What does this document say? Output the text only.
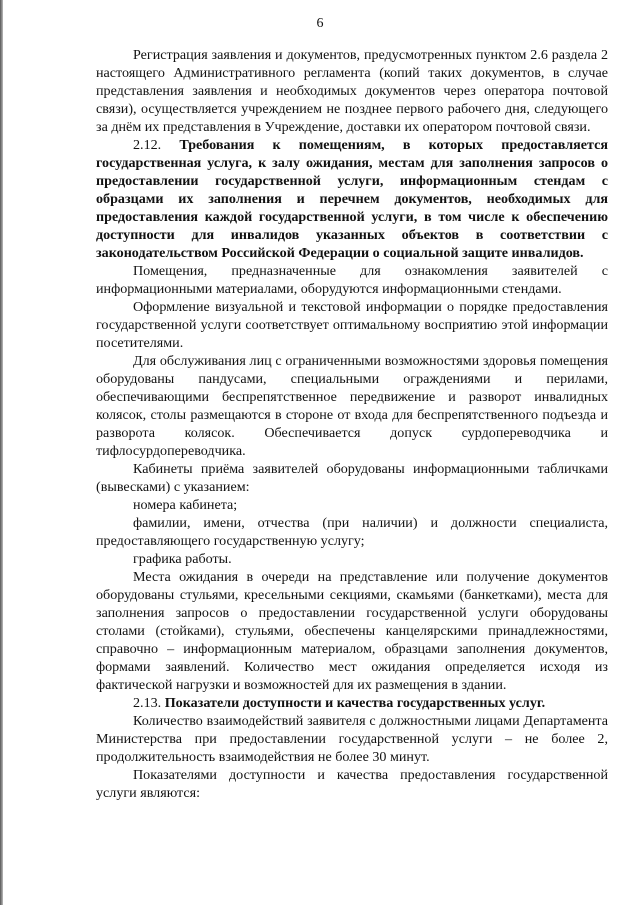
6

Регистрация заявления и документов, предусмотренных пунктом 2.6 раздела 2 настоящего Административного регламента (копий таких документов, в случае представления заявления и необходимых документов через оператора почтовой связи), осуществляется учреждением не позднее первого рабочего дня, следующего за днём их представления в Учреждение, доставки их оператором почтовой связи.

2.12. Требования к помещениям, в которых предоставляется государственная услуга, к залу ожидания, местам для заполнения запросов о предоставлении государственной услуги, информационным стендам с образцами их заполнения и перечнем документов, необходимых для предоставления каждой государственной услуги, в том числе к обеспечению доступности для инвалидов указанных объектов в соответствии с законодательством Российской Федерации о социальной защите инвалидов.

Помещения, предназначенные для ознакомления заявителей с информационными материалами, оборудуются информационными стендами.

Оформление визуальной и текстовой информации о порядке предоставления государственной услуги соответствует оптимальному восприятию этой информации посетителями.

Для обслуживания лиц с ограниченными возможностями здоровья помещения оборудованы пандусами, специальными ограждениями и перилами, обеспечивающими беспрепятственное передвижение и разворот инвалидных колясок, столы размещаются в стороне от входа для беспрепятственного подъезда и разворота колясок. Обеспечивается допуск сурдопереводчика и тифлосурдопереводчика.

Кабинеты приёма заявителей оборудованы информационными табличками (вывесками) с указанием:

номера кабинета;

фамилии, имени, отчества (при наличии) и должности специалиста, предоставляющего государственную услугу;

графика работы.

Места ожидания в очереди на представление или получение документов оборудованы стульями, кресельными секциями, скамьями (банкетками), места для заполнения запросов о предоставлении государственной услуги оборудованы столами (стойками), стульями, обеспечены канцелярскими принадлежностями, справочно – информационным материалом, образцами заполнения документов, формами заявлений. Количество мест ожидания определяется исходя из фактической нагрузки и возможностей для их размещения в здании.

2.13. Показатели доступности и качества государственных услуг.

Количество взаимодействий заявителя с должностными лицами Департамента Министерства при предоставлении государственной услуги – не более 2, продолжительность взаимодействия не более 30 минут.

Показателями доступности и качества предоставления государственной услуги являются:
